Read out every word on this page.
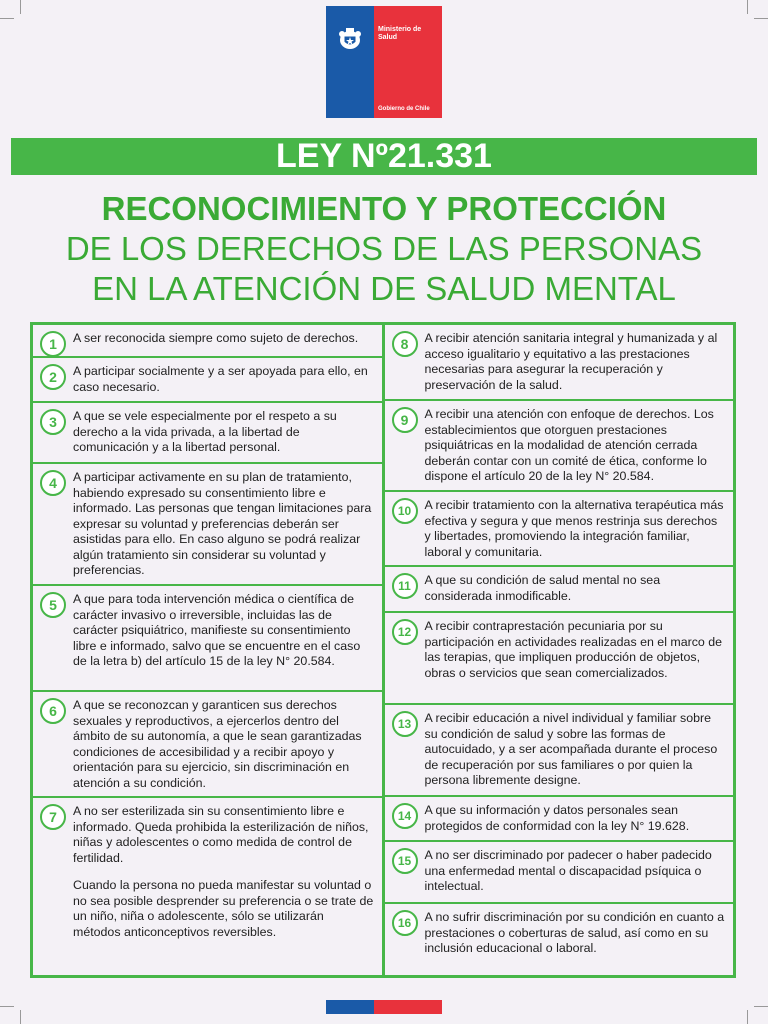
Ministerio de Salud
Gobierno de Chile
LEY Nº21.331
RECONOCIMIENTO Y PROTECCIÓN
DE LOS DERECHOS DE LAS PERSONAS
EN LA ATENCIÓN DE SALUD MENTAL
1	A ser reconocida siempre como sujeto de derechos.
2	A participar socialmente y a ser apoyada para ello, en caso necesario.
3	A que se vele especialmente por el respeto a su derecho a la vida privada, a la libertad de comunicación y a la libertad personal.
4	A participar activamente en su plan de tratamiento, habiendo expresado su consentimiento libre e informado. Las personas que tengan limitaciones para expresar su voluntad y preferencias deberán ser asistidas para ello. En caso alguno se podrá realizar algún tratamiento sin considerar su voluntad y preferencias.
5	A que para toda intervención médica o científica de carácter invasivo o irreversible, incluidas las de carácter psiquiátrico, manifieste su consentimiento libre e informado, salvo que se encuentre en el caso de la letra b) del artículo 15 de la ley N° 20.584.
6	A que se reconozcan y garanticen sus derechos sexuales y reproductivos, a ejercerlos dentro del ámbito de su autonomía, a que le sean garantizadas condiciones de accesibilidad y a recibir apoyo y orientación para su ejercicio, sin discriminación en atención a su condición.
7	A no ser esterilizada sin su consentimiento libre e informado. Queda prohibida la esterilización de niños, niñas y adolescentes o como medida de control de fertilidad.

Cuando la persona no pueda manifestar su voluntad o no sea posible desprender su preferencia o se trate de un niño, niña o adolescente, sólo se utilizarán métodos anticonceptivos reversibles.

8	A recibir atención sanitaria integral y humanizada y al acceso igualitario y equitativo a las prestaciones necesarias para asegurar la recuperación y preservación de la salud.
9	A recibir una atención con enfoque de derechos. Los establecimientos que otorguen prestaciones psiquiátricas en la modalidad de atención cerrada deberán contar con un comité de ética, conforme lo dispone el artículo 20 de la ley N° 20.584.
10	A recibir tratamiento con la alternativa terapéutica más efectiva y segura y que menos restrinja sus derechos y libertades, promoviendo la integración familiar, laboral y comunitaria.
11	A que su condición de salud mental no sea considerada inmodificable.
12	A recibir contraprestación pecuniaria por su participación en actividades realizadas en el marco de las terapias, que impliquen producción de objetos, obras o servicios que sean comercializados.
13	A recibir educación a nivel individual y familiar sobre su condición de salud y sobre las formas de autocuidado, y a ser acompañada durante el proceso de recuperación por sus familiares o por quien la persona libremente designe.
14	A que su información y datos personales sean protegidos de conformidad con la ley N° 19.628.
15	A no ser discriminado por padecer o haber padecido una enfermedad mental o discapacidad psíquica o intelectual.
16	A no sufrir discriminación por su condición en cuanto a prestaciones o coberturas de salud, así como en su inclusión educacional o laboral.
